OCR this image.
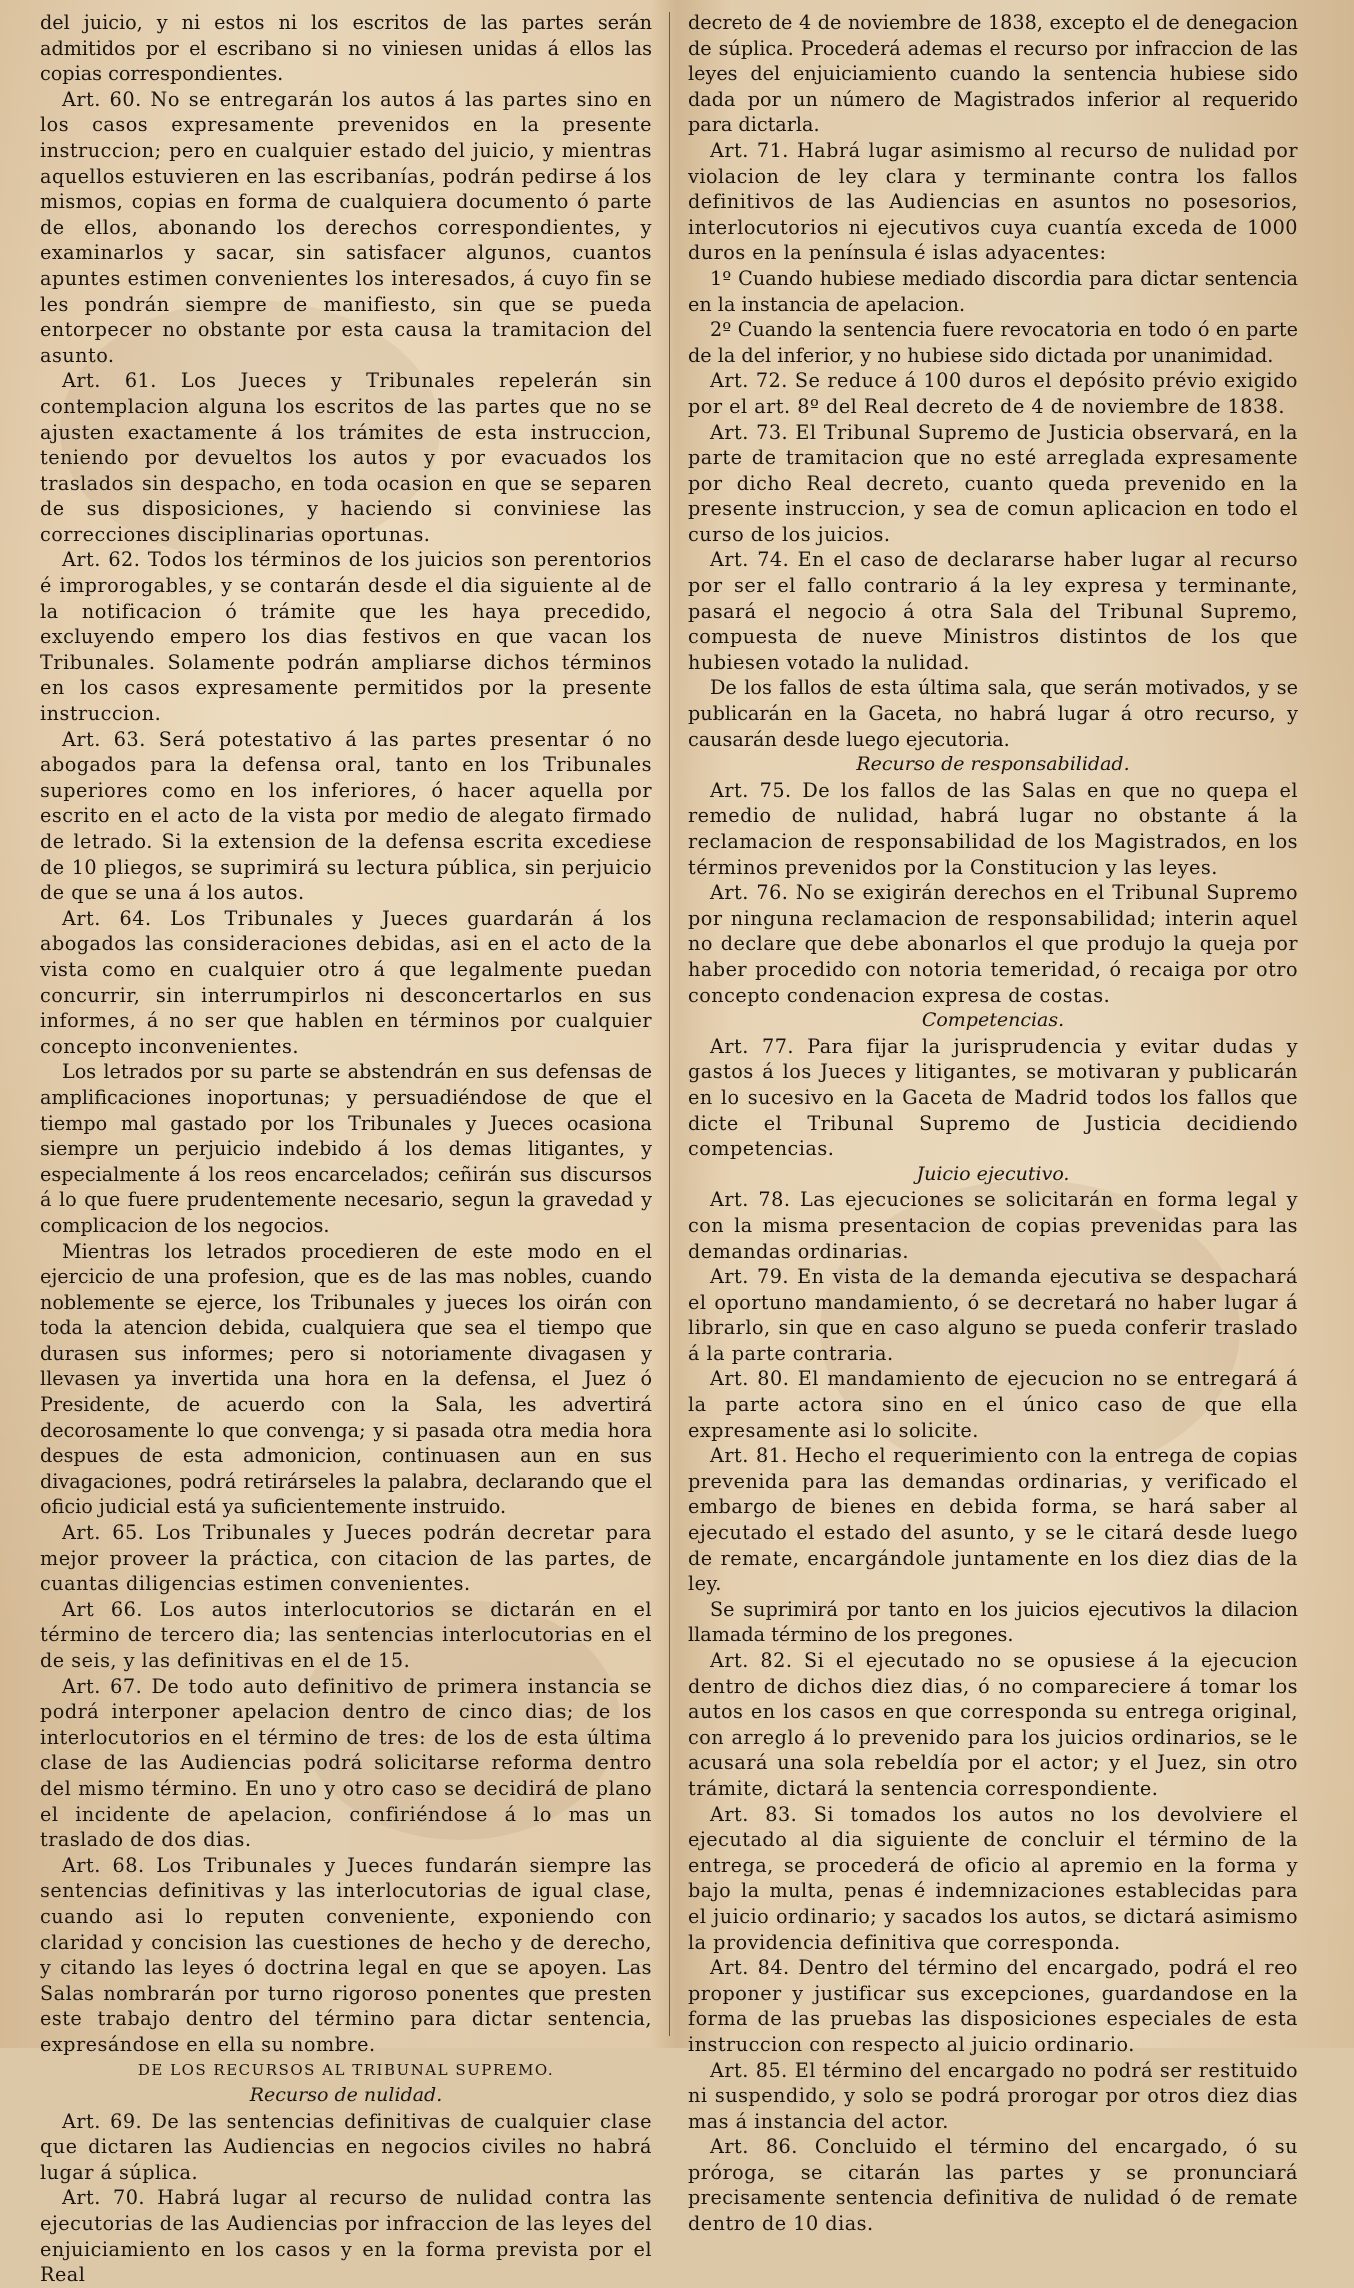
del juicio, y ni estos ni los escritos de las partes serán admitidos por el escribano si no viniesen unidas á ellos las copias correspondientes.

Art. 60. No se entregarán los autos á las partes sino en los casos expresamente prevenidos en la presente instruccion; pero en cualquier estado del juicio, y mientras aquellos estuvieren en las escribanías, podrán pedirse á los mismos, copias en forma de cualquiera documento ó parte de ellos, abonando los derechos correspondientes, y examinarlos y sacar, sin satisfacer algunos, cuantos apuntes estimen convenientes los interesados, á cuyo fin se les pondrán siempre de manifiesto, sin que se pueda entorpecer no obstante por esta causa la tramitacion del asunto.

Art. 61. Los Jueces y Tribunales repelerán sin contemplacion alguna los escritos de las partes que no se ajusten exactamente á los trámites de esta instruccion, teniendo por devueltos los autos y por evacuados los traslados sin despacho, en toda ocasion en que se separen de sus disposiciones, y haciendo si conviniese las correcciones disciplinarias oportunas.

Art. 62. Todos los términos de los juicios son perentorios é improrogables, y se contarán desde el dia siguiente al de la notificacion ó trámite que les haya precedido, excluyendo empero los dias festivos en que vacan los Tribunales. Solamente podrán ampliarse dichos términos en los casos expresamente permitidos por la presente instruccion.

Art. 63. Será potestativo á las partes presentar ó no abogados para la defensa oral, tanto en los Tribunales superiores como en los inferiores, ó hacer aquella por escrito en el acto de la vista por medio de alegato firmado de letrado. Si la extension de la defensa escrita excediese de 10 pliegos, se suprimirá su lectura pública, sin perjuicio de que se una á los autos.

Art. 64. Los Tribunales y Jueces guardarán á los abogados las consideraciones debidas, asi en el acto de la vista como en cualquier otro á que legalmente puedan concurrir, sin interrumpirlos ni desconcertarlos en sus informes, á no ser que hablen en términos por cualquier concepto inconvenientes.

Los letrados por su parte se abstendrán en sus defensas de amplificaciones inoportunas; y persuadiéndose de que el tiempo mal gastado por los Tribunales y Jueces ocasiona siempre un perjuicio indebido á los demas litigantes, y especialmente á los reos encarcelados; ceñirán sus discursos á lo que fuere prudentemente necesario, segun la gravedad y complicacion de los negocios.

Mientras los letrados procedieren de este modo en el ejercicio de una profesion, que es de las mas nobles, cuando noblemente se ejerce, los Tribunales y jueces los oirán con toda la atencion debida, cualquiera que sea el tiempo que durasen sus informes; pero si notoriamente divagasen y llevasen ya invertida una hora en la defensa, el Juez ó Presidente, de acuerdo con la Sala, les advertirá decorosamente lo que convenga; y si pasada otra media hora despues de esta admonicion, continuasen aun en sus divagaciones, podrá retirárseles la palabra, declarando que el oficio judicial está ya suficientemente instruido.

Art. 65. Los Tribunales y Jueces podrán decretar para mejor proveer la práctica, con citacion de las partes, de cuantas diligencias estimen convenientes.

Art 66. Los autos interlocutorios se dictarán en el término de tercero dia; las sentencias interlocutorias en el de seis, y las definitivas en el de 15.

Art. 67. De todo auto definitivo de primera instancia se podrá interponer apelacion dentro de cinco dias; de los interlocutorios en el término de tres: de los de esta última clase de las Audiencias podrá solicitarse reforma dentro del mismo término. En uno y otro caso se decidirá de plano el incidente de apelacion, confiriéndose á lo mas un traslado de dos dias.

Art. 68. Los Tribunales y Jueces fundarán siempre las sentencias definitivas y las interlocutorias de igual clase, cuando asi lo reputen conveniente, exponiendo con claridad y concision las cuestiones de hecho y de derecho, y citando las leyes ó doctrina legal en que se apoyen. Las Salas nombrarán por turno rigoroso ponentes que presten este trabajo dentro del término para dictar sentencia, expresándose en ella su nombre.

DE LOS RECURSOS AL TRIBUNAL SUPREMO.
Recurso de nulidad.

Art. 69. De las sentencias definitivas de cualquier clase que dictaren las Audiencias en negocios civiles no habrá lugar á súplica.

Art. 70. Habrá lugar al recurso de nulidad contra las ejecutorias de las Audiencias por infraccion de las leyes del enjuiciamiento en los casos y en la forma prevista por el Real

decreto de 4 de noviembre de 1838, excepto el de denegacion de súplica. Procederá ademas el recurso por infraccion de las leyes del enjuiciamiento cuando la sentencia hubiese sido dada por un número de Magistrados inferior al requerido para dictarla.

Art. 71. Habrá lugar asimismo al recurso de nulidad por violacion de ley clara y terminante contra los fallos definitivos de las Audiencias en asuntos no posesorios, interlocutorios ni ejecutivos cuya cuantía exceda de 1000 duros en la península é islas adyacentes:

1º Cuando hubiese mediado discordia para dictar sentencia en la instancia de apelacion.

2º Cuando la sentencia fuere revocatoria en todo ó en parte de la del inferior, y no hubiese sido dictada por unanimidad.

Art. 72. Se reduce á 100 duros el depósito prévio exigido por el art. 8º del Real decreto de 4 de noviembre de 1838.

Art. 73. El Tribunal Supremo de Justicia observará, en la parte de tramitacion que no esté arreglada expresamente por dicho Real decreto, cuanto queda prevenido en la presente instruccion, y sea de comun aplicacion en todo el curso de los juicios.

Art. 74. En el caso de declararse haber lugar al recurso por ser el fallo contrario á la ley expresa y terminante, pasará el negocio á otra Sala del Tribunal Supremo, compuesta de nueve Ministros distintos de los que hubiesen votado la nulidad.

De los fallos de esta última sala, que serán motivados, y se publicarán en la Gaceta, no habrá lugar á otro recurso, y causarán desde luego ejecutoria.

Recurso de responsabilidad.

Art. 75. De los fallos de las Salas en que no quepa el remedio de nulidad, habrá lugar no obstante á la reclamacion de responsabilidad de los Magistrados, en los términos prevenidos por la Constitucion y las leyes.

Art. 76. No se exigirán derechos en el Tribunal Supremo por ninguna reclamacion de responsabilidad; interin aquel no declare que debe abonarlos el que produjo la queja por haber procedido con notoria temeridad, ó recaiga por otro concepto condenacion expresa de costas.

Competencias.

Art. 77. Para fijar la jurisprudencia y evitar dudas y gastos á los Jueces y litigantes, se motivaran y publicarán en lo sucesivo en la Gaceta de Madrid todos los fallos que dicte el Tribunal Supremo de Justicia decidiendo competencias.

Juicio ejecutivo.

Art. 78. Las ejecuciones se solicitarán en forma legal y con la misma presentacion de copias prevenidas para las demandas ordinarias.

Art. 79. En vista de la demanda ejecutiva se despachará el oportuno mandamiento, ó se decretará no haber lugar á librarlo, sin que en caso alguno se pueda conferir traslado á la parte contraria.

Art. 80. El mandamiento de ejecucion no se entregará á la parte actora sino en el único caso de que ella expresamente asi lo solicite.

Art. 81. Hecho el requerimiento con la entrega de copias prevenida para las demandas ordinarias, y verificado el embargo de bienes en debida forma, se hará saber al ejecutado el estado del asunto, y se le citará desde luego de remate, encargándole juntamente en los diez dias de la ley.

Se suprimirá por tanto en los juicios ejecutivos la dilacion llamada término de los pregones.

Art. 82. Si el ejecutado no se opusiese á la ejecucion dentro de dichos diez dias, ó no compareciere á tomar los autos en los casos en que corresponda su entrega original, con arreglo á lo prevenido para los juicios ordinarios, se le acusará una sola rebeldía por el actor; y el Juez, sin otro trámite, dictará la sentencia correspondiente.

Art. 83. Si tomados los autos no los devolviere el ejecutado al dia siguiente de concluir el término de la entrega, se procederá de oficio al apremio en la forma y bajo la multa, penas é indemnizaciones establecidas para el juicio ordinario; y sacados los autos, se dictará asimismo la providencia definitiva que corresponda.

Art. 84. Dentro del término del encargado, podrá el reo proponer y justificar sus excepciones, guardandose en la forma de las pruebas las disposiciones especiales de esta instruccion con respecto al juicio ordinario.

Art. 85. El término del encargado no podrá ser restituido ni suspendido, y solo se podrá prorogar por otros diez dias mas á instancia del actor.

Art. 86. Concluido el término del encargado, ó su próroga, se citarán las partes y se pronunciará precisamente sentencia definitiva de nulidad ó de remate dentro de 10 dias.
